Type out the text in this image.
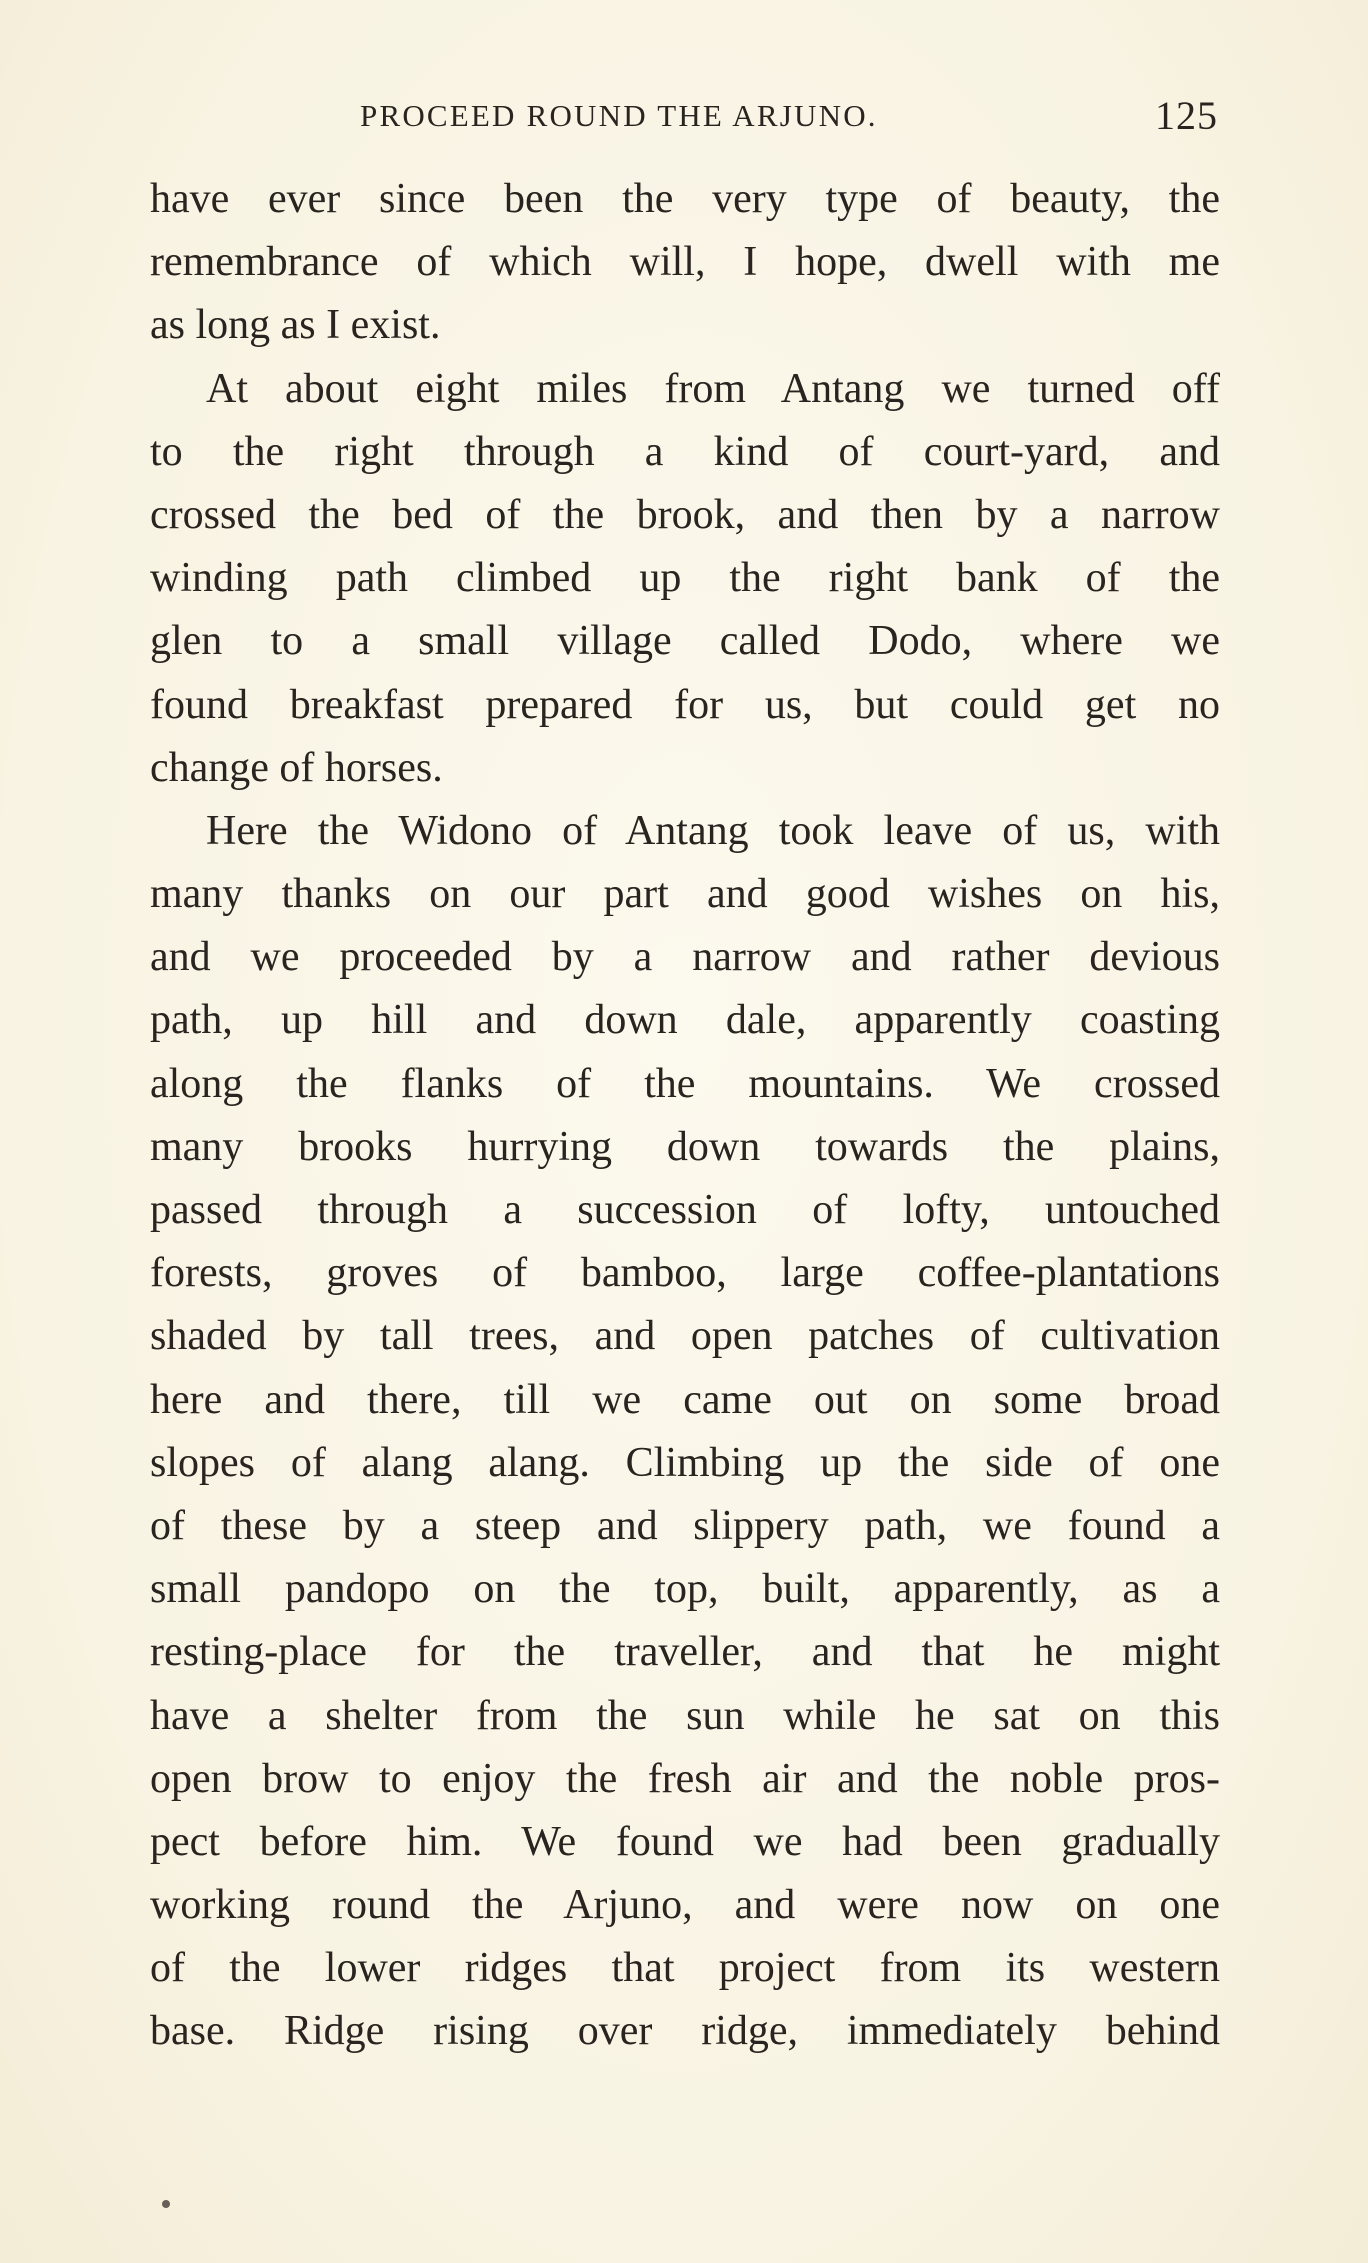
PROCEED ROUND THE ARJUNO.	125
have ever since been the very type of beauty, the
remembrance of which will, I hope, dwell with me
as long as I exist.
At about eight miles from Antang we turned off
to the right through a kind of court-yard, and
crossed the bed of the brook, and then by a narrow
winding path climbed up the right bank of the
glen to a small village called Dodo, where we
found breakfast prepared for us, but could get no
change of horses.
Here the Widono of Antang took leave of us, with
many thanks on our part and good wishes on his,
and we proceeded by a narrow and rather devious
path, up hill and down dale, apparently coasting
along the flanks of the mountains. We crossed
many brooks hurrying down towards the plains,
passed through a succession of lofty, untouched
forests, groves of bamboo, large coffee-plantations
shaded by tall trees, and open patches of cultivation
here and there, till we came out on some broad
slopes of alang alang. Climbing up the side of one
of these by a steep and slippery path, we found a
small pandopo on the top, built, apparently, as a
resting-place for the traveller, and that he might
have a shelter from the sun while he sat on this
open brow to enjoy the fresh air and the noble pros-
pect before him. We found we had been gradually
working round the Arjuno, and were now on one
of the lower ridges that project from its western
base. Ridge rising over ridge, immediately behind
